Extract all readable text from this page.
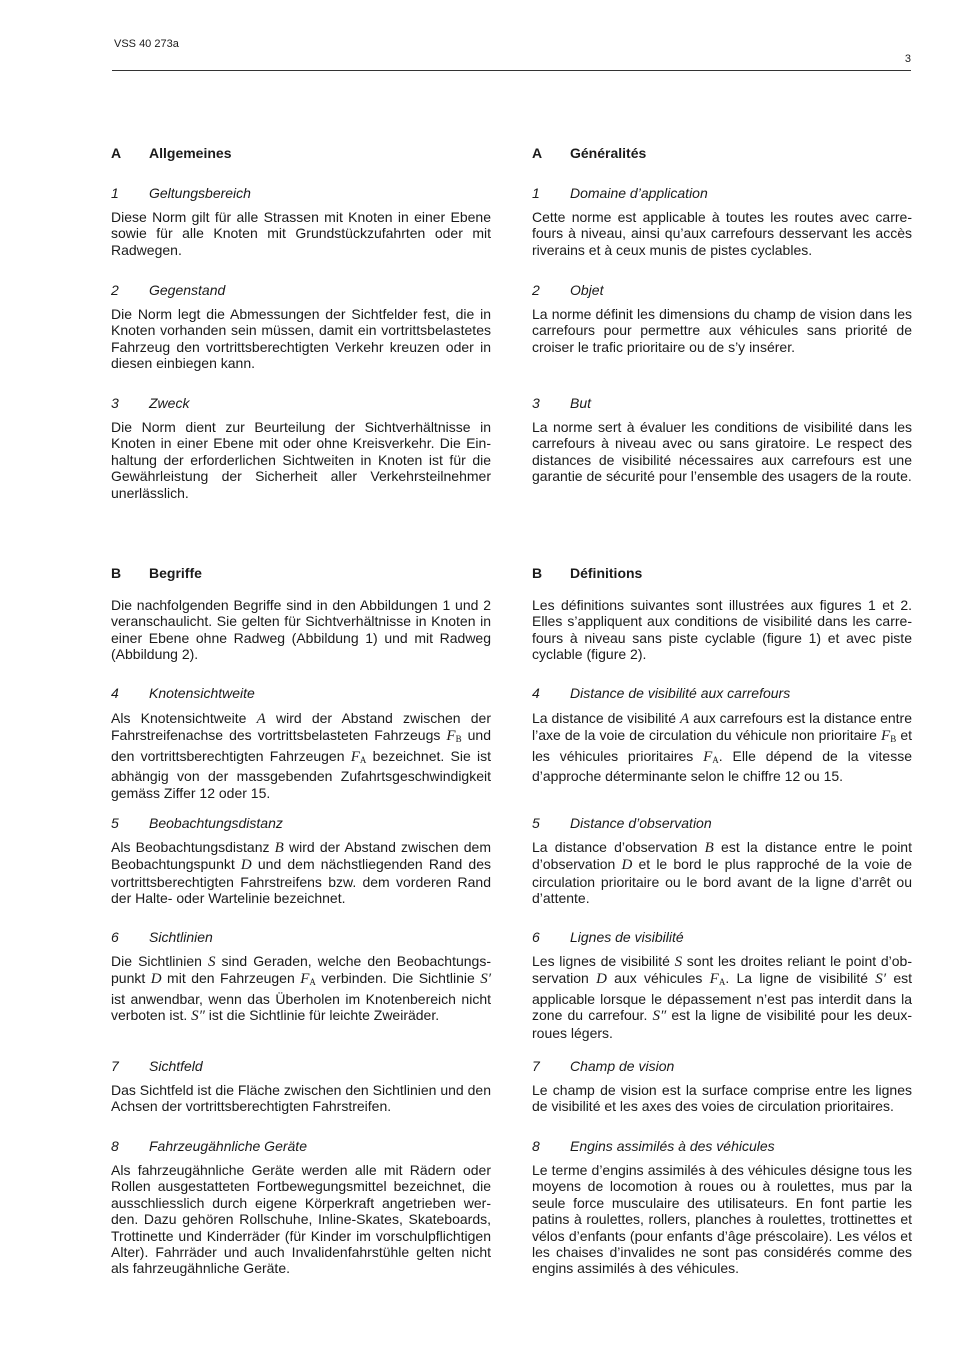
VSS 40 273a
3
A Allgemeines
1 Geltungsbereich
Diese Norm gilt für alle Strassen mit Knoten in einer Ebene sowie für alle Knoten mit Grundstückzufahrten oder mit Radwegen.
2 Gegenstand
Die Norm legt die Abmessungen der Sichtfelder fest, die in Knoten vorhanden sein müssen, damit ein vortrittsbelastetes Fahrzeug den vortrittsberechtigten Verkehr kreuzen oder in diesen einbiegen kann.
3 Zweck
Die Norm dient zur Beurteilung der Sichtverhältnisse in Knoten in einer Ebene mit oder ohne Kreisverkehr. Die Einhaltung der erforderlichen Sichtweiten in Knoten ist für die Gewährleistung der Sicherheit aller Verkehrsteilnehmer unerlässlich.
B Begriffe
Die nachfolgenden Begriffe sind in den Abbildungen 1 und 2 veranschaulicht. Sie gelten für Sichtverhältnisse in Knoten in einer Ebene ohne Radweg (Abbildung 1) und mit Radweg (Abbildung 2).
4 Knotensichtweite
Als Knotensichtweite A wird der Abstand zwischen der Fahrstreifenachse des vortrittsbelasteten Fahrzeugs $F_B$ und den vortrittsberechtigten Fahrzeugen $F_A$ bezeichnet. Sie ist abhängig von der massgebenden Zufahrtsgeschwindigkeit gemäss Ziffer 12 oder 15.
5 Beobachtungsdistanz
Als Beobachtungsdistanz B wird der Abstand zwischen dem Beobachtungspunkt D und dem nächstliegenden Rand des vortrittsberechtigten Fahrstreifens bzw. dem vorderen Rand der Halte- oder Wartelinie bezeichnet.
6 Sichtlinien
Die Sichtlinien S sind Geraden, welche den Beobachtungspunkt D mit den Fahrzeugen $F_A$ verbinden. Die Sichtlinie S′ ist anwendbar, wenn das Überholen im Knotenbereich nicht verboten ist. S″ ist die Sichtlinie für leichte Zweiräder.
7 Sichtfeld
Das Sichtfeld ist die Fläche zwischen den Sichtlinien und den Achsen der vortrittsberechtigten Fahrstreifen.
8 Fahrzeugähnliche Geräte
Als fahrzeugähnliche Geräte werden alle mit Rädern oder Rollen ausgestatteten Fortbewegungsmittel bezeichnet, die ausschliesslich durch eigene Körperkraft angetrieben werden. Dazu gehören Rollschuhe, Inline-Skates, Skateboards, Trottinette und Kinderräder (für Kinder im vorschulpflichtigen Alter). Fahrräder und auch Invalidenfahrstühle gelten nicht als fahrzeugähnliche Geräte.
A Généralités
1 Domaine d’application
Cette norme est applicable à toutes les routes avec carrefours à niveau, ainsi qu’aux carrefours desservant les accès riverains et à ceux munis de pistes cyclables.
2 Objet
La norme définit les dimensions du champ de vision dans les carrefours pour permettre aux véhicules sans priorité de croiser le trafic prioritaire ou de s’y insérer.
3 But
La norme sert à évaluer les conditions de visibilité dans les carrefours à niveau avec ou sans giratoire. Le respect des distances de visibilité nécessaires aux carrefours est une garantie de sécurité pour l’ensemble des usagers de la route.
B Définitions
Les définitions suivantes sont illustrées aux figures 1 et 2. Elles s’appliquent aux conditions de visibilité dans les carrefours à niveau sans piste cyclable (figure 1) et avec piste cyclable (figure 2).
4 Distance de visibilité aux carrefours
La distance de visibilité A aux carrefours est la distance entre l’axe de la voie de circulation du véhicule non prioritaire $F_B$ et les véhicules prioritaires $F_A$. Elle dépend de la vitesse d’approche déterminante selon le chiffre 12 ou 15.
5 Distance d’observation
La distance d’observation B est la distance entre le point d’observation D et le bord le plus rapproché de la voie de circulation prioritaire ou le bord avant de la ligne d’arrêt ou d’attente.
6 Lignes de visibilité
Les lignes de visibilité S sont les droites reliant le point d’observation D aux véhicules $F_A$. La ligne de visibilité S′ est applicable lorsque le dépassement n’est pas interdit dans la zone du carrefour. S″ est la ligne de visibilité pour les deuxroues légers.
7 Champ de vision
Le champ de vision est la surface comprise entre les lignes de visibilité et les axes des voies de circulation prioritaires.
8 Engins assimilés à des véhicules
Le terme d’engins assimilés à des véhicules désigne tous les moyens de locomotion à roues ou à roulettes, mus par la seule force musculaire des utilisateurs. En font partie les patins à roulettes, rollers, planches à roulettes, trottinettes et vélos d’enfants (pour enfants d’âge préscolaire). Les vélos et les chaises d’invalides ne sont pas considérés comme des engins assimilés à des véhicules.
